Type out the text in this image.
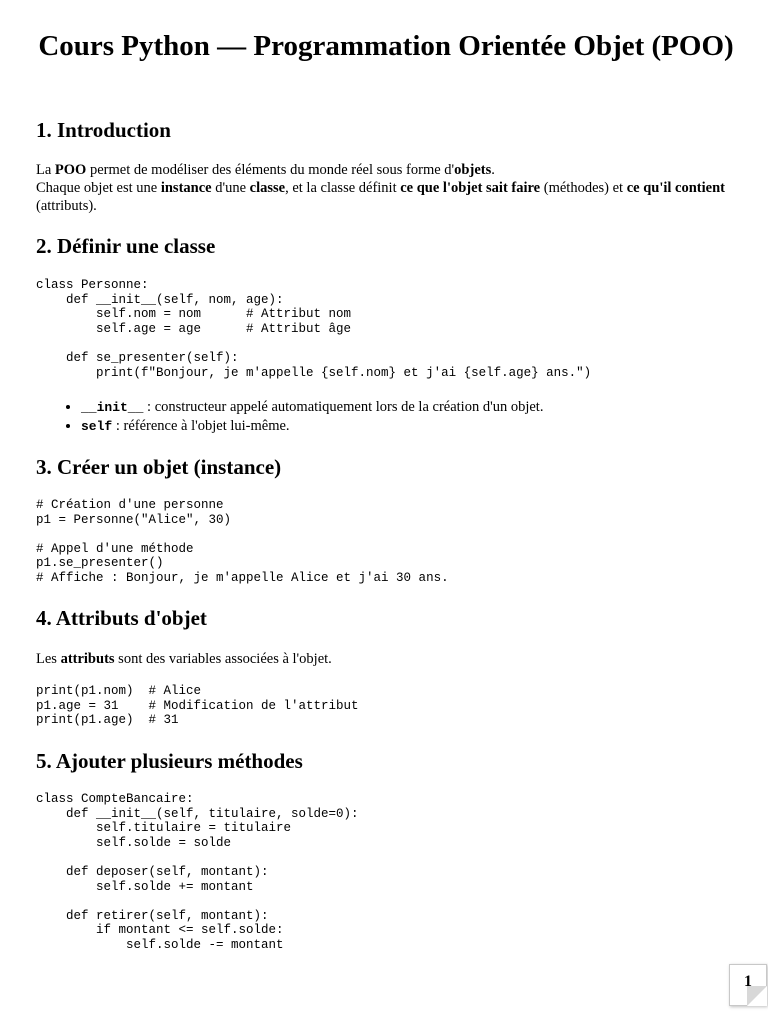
Cours Python — Programmation Orientée Objet (POO)
1. Introduction

La POO permet de modéliser des éléments du monde réel sous forme d'objets.
Chaque objet est une instance d'une classe, et la classe définit ce que l'objet sait faire (méthodes) et ce qu'il contient (attributs).

2. Définir une classe
class Personne:
def __init__(self, nom, age):
self.nom = nom      # Attribut nom
self.age = age      # Attribut âge

def se_presenter(self):
print(f"Bonjour, je m'appelle {self.nom} et j'ai {self.age} ans.")
• __init__ : constructeur appelé automatiquement lors de la création d'un objet.
• self : référence à l'objet lui-même.
3. Créer un objet (instance)
# Création d'une personne
p1 = Personne("Alice", 30)

# Appel d'une méthode
p1.se_presenter()
# Affiche : Bonjour, je m'appelle Alice et j'ai 30 ans.
4. Attributs d'objet

Les attributs sont des variables associées à l'objet.

print(p1.nom)  # Alice
p1.age = 31    # Modification de l'attribut
print(p1.age)  # 31
5. Ajouter plusieurs méthodes
class CompteBancaire:
def __init__(self, titulaire, solde=0):
self.titulaire = titulaire
self.solde = solde

def deposer(self, montant):
self.solde += montant

def retirer(self, montant):
if montant <= self.solde:
self.solde -= montant
1
